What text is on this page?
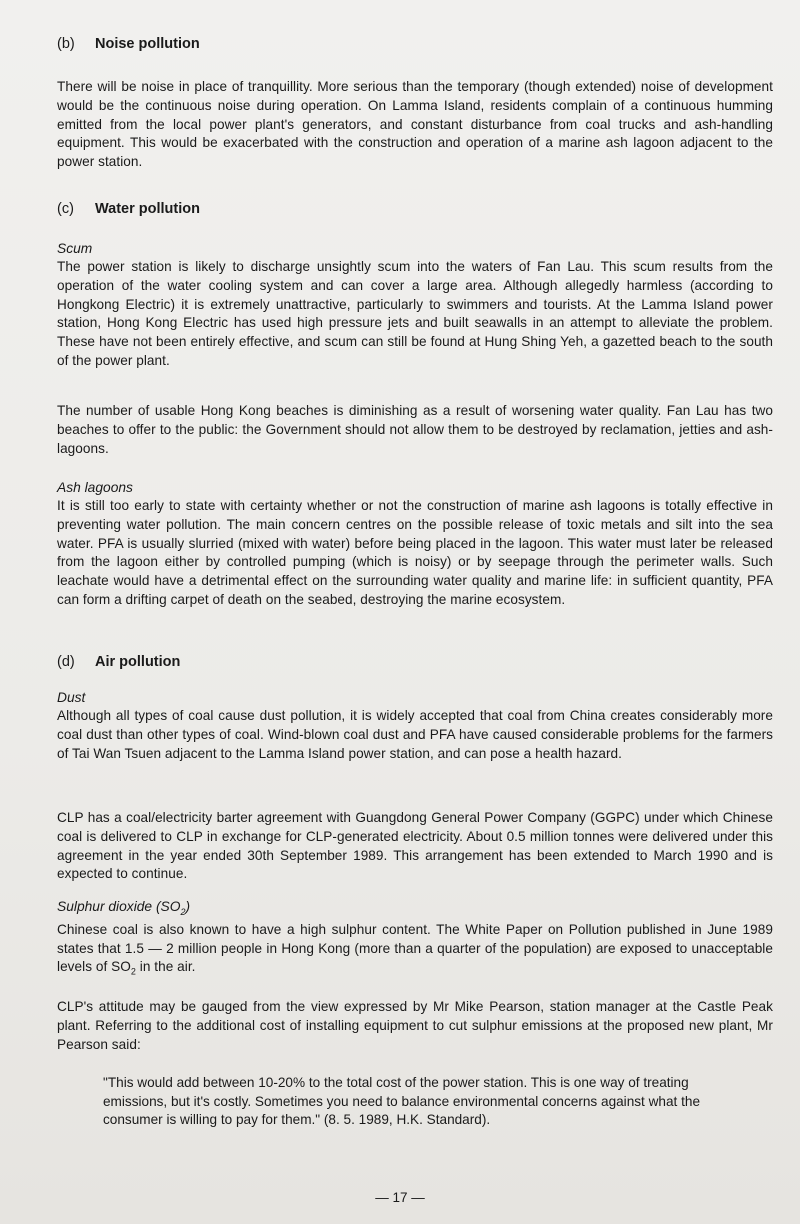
(b) Noise pollution

There will be noise in place of tranquillity. More serious than the temporary (though extended) noise of development would be the continuous noise during operation. On Lamma Island, residents complain of a continuous humming emitted from the local power plant's generators, and constant disturbance from coal trucks and ash-handling equipment. This would be exacerbated with the construction and operation of a marine ash lagoon adjacent to the power station.

(c) Water pollution

Scum

The power station is likely to discharge unsightly scum into the waters of Fan Lau. This scum results from the operation of the water cooling system and can cover a large area. Although allegedly harmless (according to Hongkong Electric) it is extremely unattractive, particularly to swimmers and tourists. At the Lamma Island power station, Hong Kong Electric has used high pressure jets and built seawalls in an attempt to alleviate the problem. These have not been entirely effective, and scum can still be found at Hung Shing Yeh, a gazetted beach to the south of the power plant.

The number of usable Hong Kong beaches is diminishing as a result of worsening water quality. Fan Lau has two beaches to offer to the public: the Government should not allow them to be destroyed by reclamation, jetties and ash-lagoons.

Ash lagoons

It is still too early to state with certainty whether or not the construction of marine ash lagoons is totally effective in preventing water pollution. The main concern centres on the possible release of toxic metals and silt into the sea water. PFA is usually slurried (mixed with water) before being placed in the lagoon. This water must later be released from the lagoon either by controlled pumping (which is noisy) or by seepage through the perimeter walls. Such leachate would have a detrimental effect on the surrounding water quality and marine life: in sufficient quantity, PFA can form a drifting carpet of death on the seabed, destroying the marine ecosystem.

(d) Air pollution

Dust

Although all types of coal cause dust pollution, it is widely accepted that coal from China creates considerably more coal dust than other types of coal. Wind-blown coal dust and PFA have caused considerable problems for the farmers of Tai Wan Tsuen adjacent to the Lamma Island power station, and can pose a health hazard.

CLP has a coal/electricity barter agreement with Guangdong General Power Company (GGPC) under which Chinese coal is delivered to CLP in exchange for CLP-generated electricity. About 0.5 million tonnes were delivered under this agreement in the year ended 30th September 1989. This arrangement has been extended to March 1990 and is expected to continue.

Sulphur dioxide $(SO_2)$

Chinese coal is also known to have a high sulphur content. The White Paper on Pollution published in June 1989 states that 1.5 — 2 million people in Hong Kong (more than a quarter of the population) are exposed to unacceptable levels of $SO_2$ in the air.

CLP's attitude may be gauged from the view expressed by Mr Mike Pearson, station manager at the Castle Peak plant. Referring to the additional cost of installing equipment to cut sulphur emissions at the proposed new plant, Mr Pearson said:

"This would add between 10-20% to the total cost of the power station. This is one way of treating emissions, but it's costly. Sometimes you need to balance environmental concerns against what the consumer is willing to pay for them." (8. 5. 1989, H.K. Standard).

— 17 —
